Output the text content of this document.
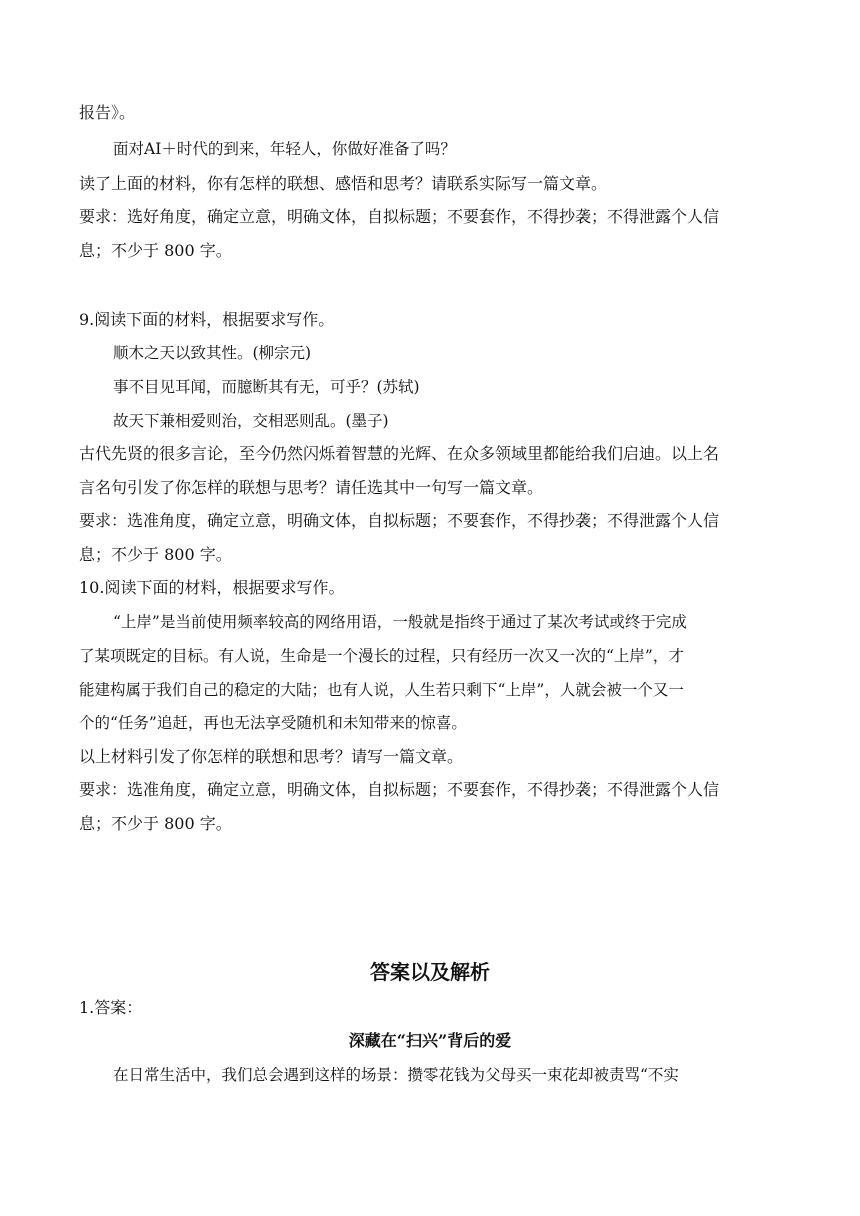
报告》。
面对AI＋时代的到来，年轻人，你做好准备了吗？
读了上面的材料，你有怎样的联想、感悟和思考？请联系实际写一篇文章。
要求：选好角度，确定立意，明确文体，自拟标题；不要套作，不得抄袭；不得泄露个人信
息；不少于 800 字。
9.阅读下面的材料，根据要求写作。
顺木之天以致其性。(柳宗元)
事不目见耳闻，而臆断其有无，可乎？(苏轼)
故天下兼相爱则治，交相恶则乱。(墨子)
古代先贤的很多言论，至今仍然闪烁着智慧的光辉、在众多领域里都能给我们启迪。以上名
言名句引发了你怎样的联想与思考？请任选其中一句写一篇文章。
要求：选准角度，确定立意，明确文体，自拟标题；不要套作，不得抄袭；不得泄露个人信
息；不少于 800 字。
10.阅读下面的材料，根据要求写作。
“上岸”是当前使用频率较高的网络用语，一般就是指终于通过了某次考试或终于完成
了某项既定的目标。有人说，生命是一个漫长的过程，只有经历一次又一次的“上岸”，才
能建构属于我们自己的稳定的大陆；也有人说，人生若只剩下“上岸”，人就会被一个又一
个的“任务”追赶，再也无法享受随机和未知带来的惊喜。
以上材料引发了你怎样的联想和思考？请写一篇文章。
要求：选准角度，确定立意，明确文体，自拟标题；不要套作，不得抄袭；不得泄露个人信
息；不少于 800 字。
答案以及解析
1.答案：
深藏在“扫兴”背后的爱
在日常生活中，我们总会遇到这样的场景：攒零花钱为父母买一束花却被责骂“不实
